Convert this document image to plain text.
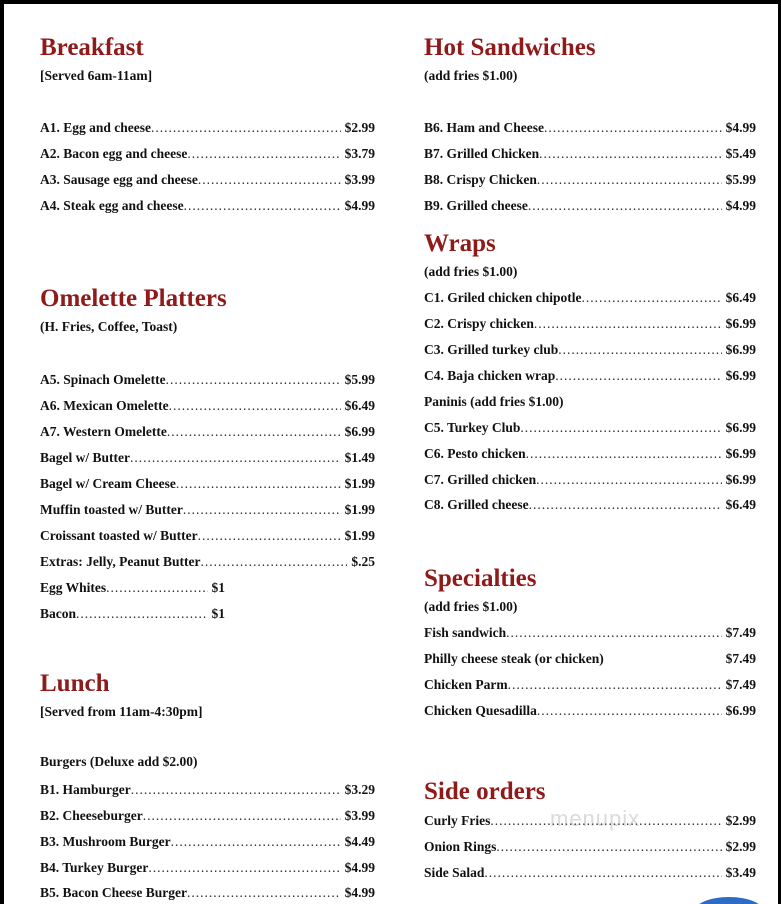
Breakfast

[Served 6am-11am]

A1. Egg and cheese .....	$2.99
A2. Bacon egg and cheese .....	$3.79
A3. Sausage egg and cheese .....	$3.99
A4. Steak egg and cheese .....	$4.99
Omelette Platters

(H. Fries, Coffee, Toast)

A5. Spinach Omelette .....	$5.99
A6. Mexican Omelette .....	$6.49
A7. Western Omelette .....	$6.99
Bagel w/ Butter .....	$1.49
Bagel w/ Cream Cheese .....	$1.99
Muffin toasted w/ Butter .....	$1.99
Croissant toasted w/ Butter .....	$1.99
Extras: Jelly, Peanut Butter .....	$.25
Egg Whites .....	$1
Bacon .....	$1
Lunch

[Served from 11am-4:30pm]

Burgers (Deluxe add $2.00)

B1. Hamburger .....	$3.29
B2. Cheeseburger .....	$3.99
B3. Mushroom Burger .....	$4.49
B4. Turkey Burger .....	$4.99
B5. Bacon Cheese Burger .....	$4.99
Hot Sandwiches

(add fries $1.00)

B6. Ham and Cheese .....	$4.99
B7. Grilled Chicken .....	$5.49
B8. Crispy Chicken .....	$5.99
B9. Grilled cheese .....	$4.99
Wraps

(add fries $1.00)

C1. Griled chicken chipotle .....	$6.49
C2. Crispy chicken .....	$6.99
C3. Grilled turkey club .....	$6.99
C4. Baja chicken wrap .....	$6.99

Paninis (add fries $1.00)

C5. Turkey Club .....	$6.99
C6. Pesto chicken .....	$6.99
C7. Grilled chicken .....	$6.99
C8. Grilled cheese .....	$6.49
Specialties

(add fries $1.00)

Fish sandwich .....	$7.49
Philly cheese steak (or chicken)	$7.49
Chicken Parm .....	$7.49
Chicken Quesadilla .....	$6.99
Side orders
Curly Fries .....	$2.99
Onion Rings .....	$2.99
Side Salad .....	$3.49
menupix
